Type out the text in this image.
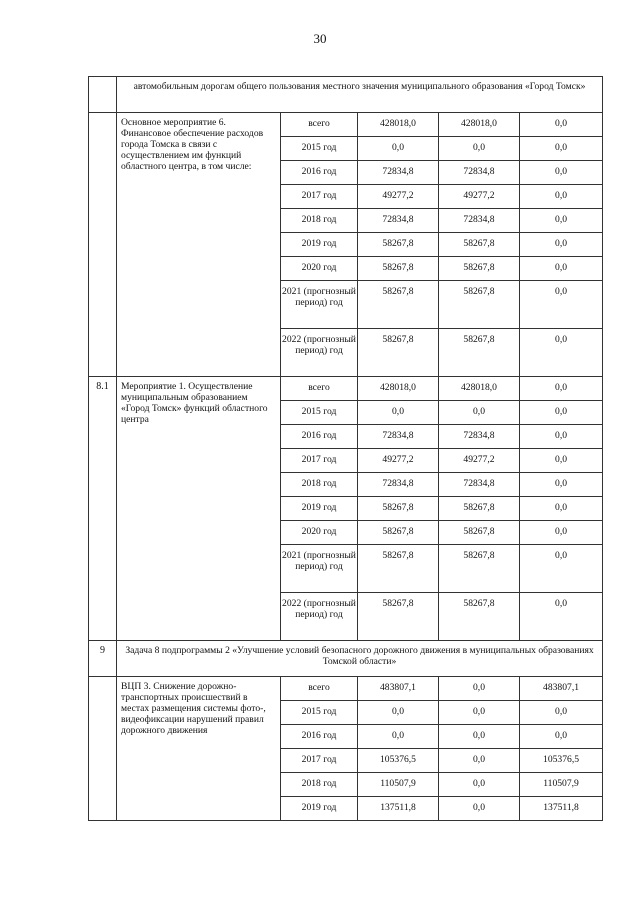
30
	автомобильным дорогам общего пользования местного значения муниципального образования «Город Томск»				
	Основное мероприятие 6. Финансовое обеспечение расходов города Томска в связи с осуществлением им функций областного центра, в том числе:	всего	428018,0	428018,0	0,0
		2015 год	0,0	0,0	0,0
		2016 год	72834,8	72834,8	0,0
		2017 год	49277,2	49277,2	0,0
		2018 год	72834,8	72834,8	0,0
		2019 год	58267,8	58267,8	0,0
		2020 год	58267,8	58267,8	0,0
		2021 (прогнозный период) год	58267,8	58267,8	0,0
		2022 (прогнозный период) год	58267,8	58267,8	0,0
8.1	Мероприятие 1. Осуществление муниципальным образованием «Город Томск» функций областного центра	всего	428018,0	428018,0	0,0
		2015 год	0,0	0,0	0,0
		2016 год	72834,8	72834,8	0,0
		2017 год	49277,2	49277,2	0,0
		2018 год	72834,8	72834,8	0,0
		2019 год	58267,8	58267,8	0,0
		2020 год	58267,8	58267,8	0,0
		2021 (прогнозный период) год	58267,8	58267,8	0,0
		2022 (прогнозный период) год	58267,8	58267,8	0,0
9	Задача 8 подпрограммы 2 «Улучшение условий безопасного дорожного движения в муниципальных образованиях Томской области»				
	ВЦП 3. Снижение дорожно-транспортных происшествий в местах размещения системы фото-, видеофиксации нарушений правил дорожного движения	всего	483807,1	0,0	483807,1
		2015 год	0,0	0,0	0,0
		2016 год	0,0	0,0	0,0
		2017 год	105376,5	0,0	105376,5
		2018 год	110507,9	0,0	110507,9
		2019 год	137511,8	0,0	137511,8
